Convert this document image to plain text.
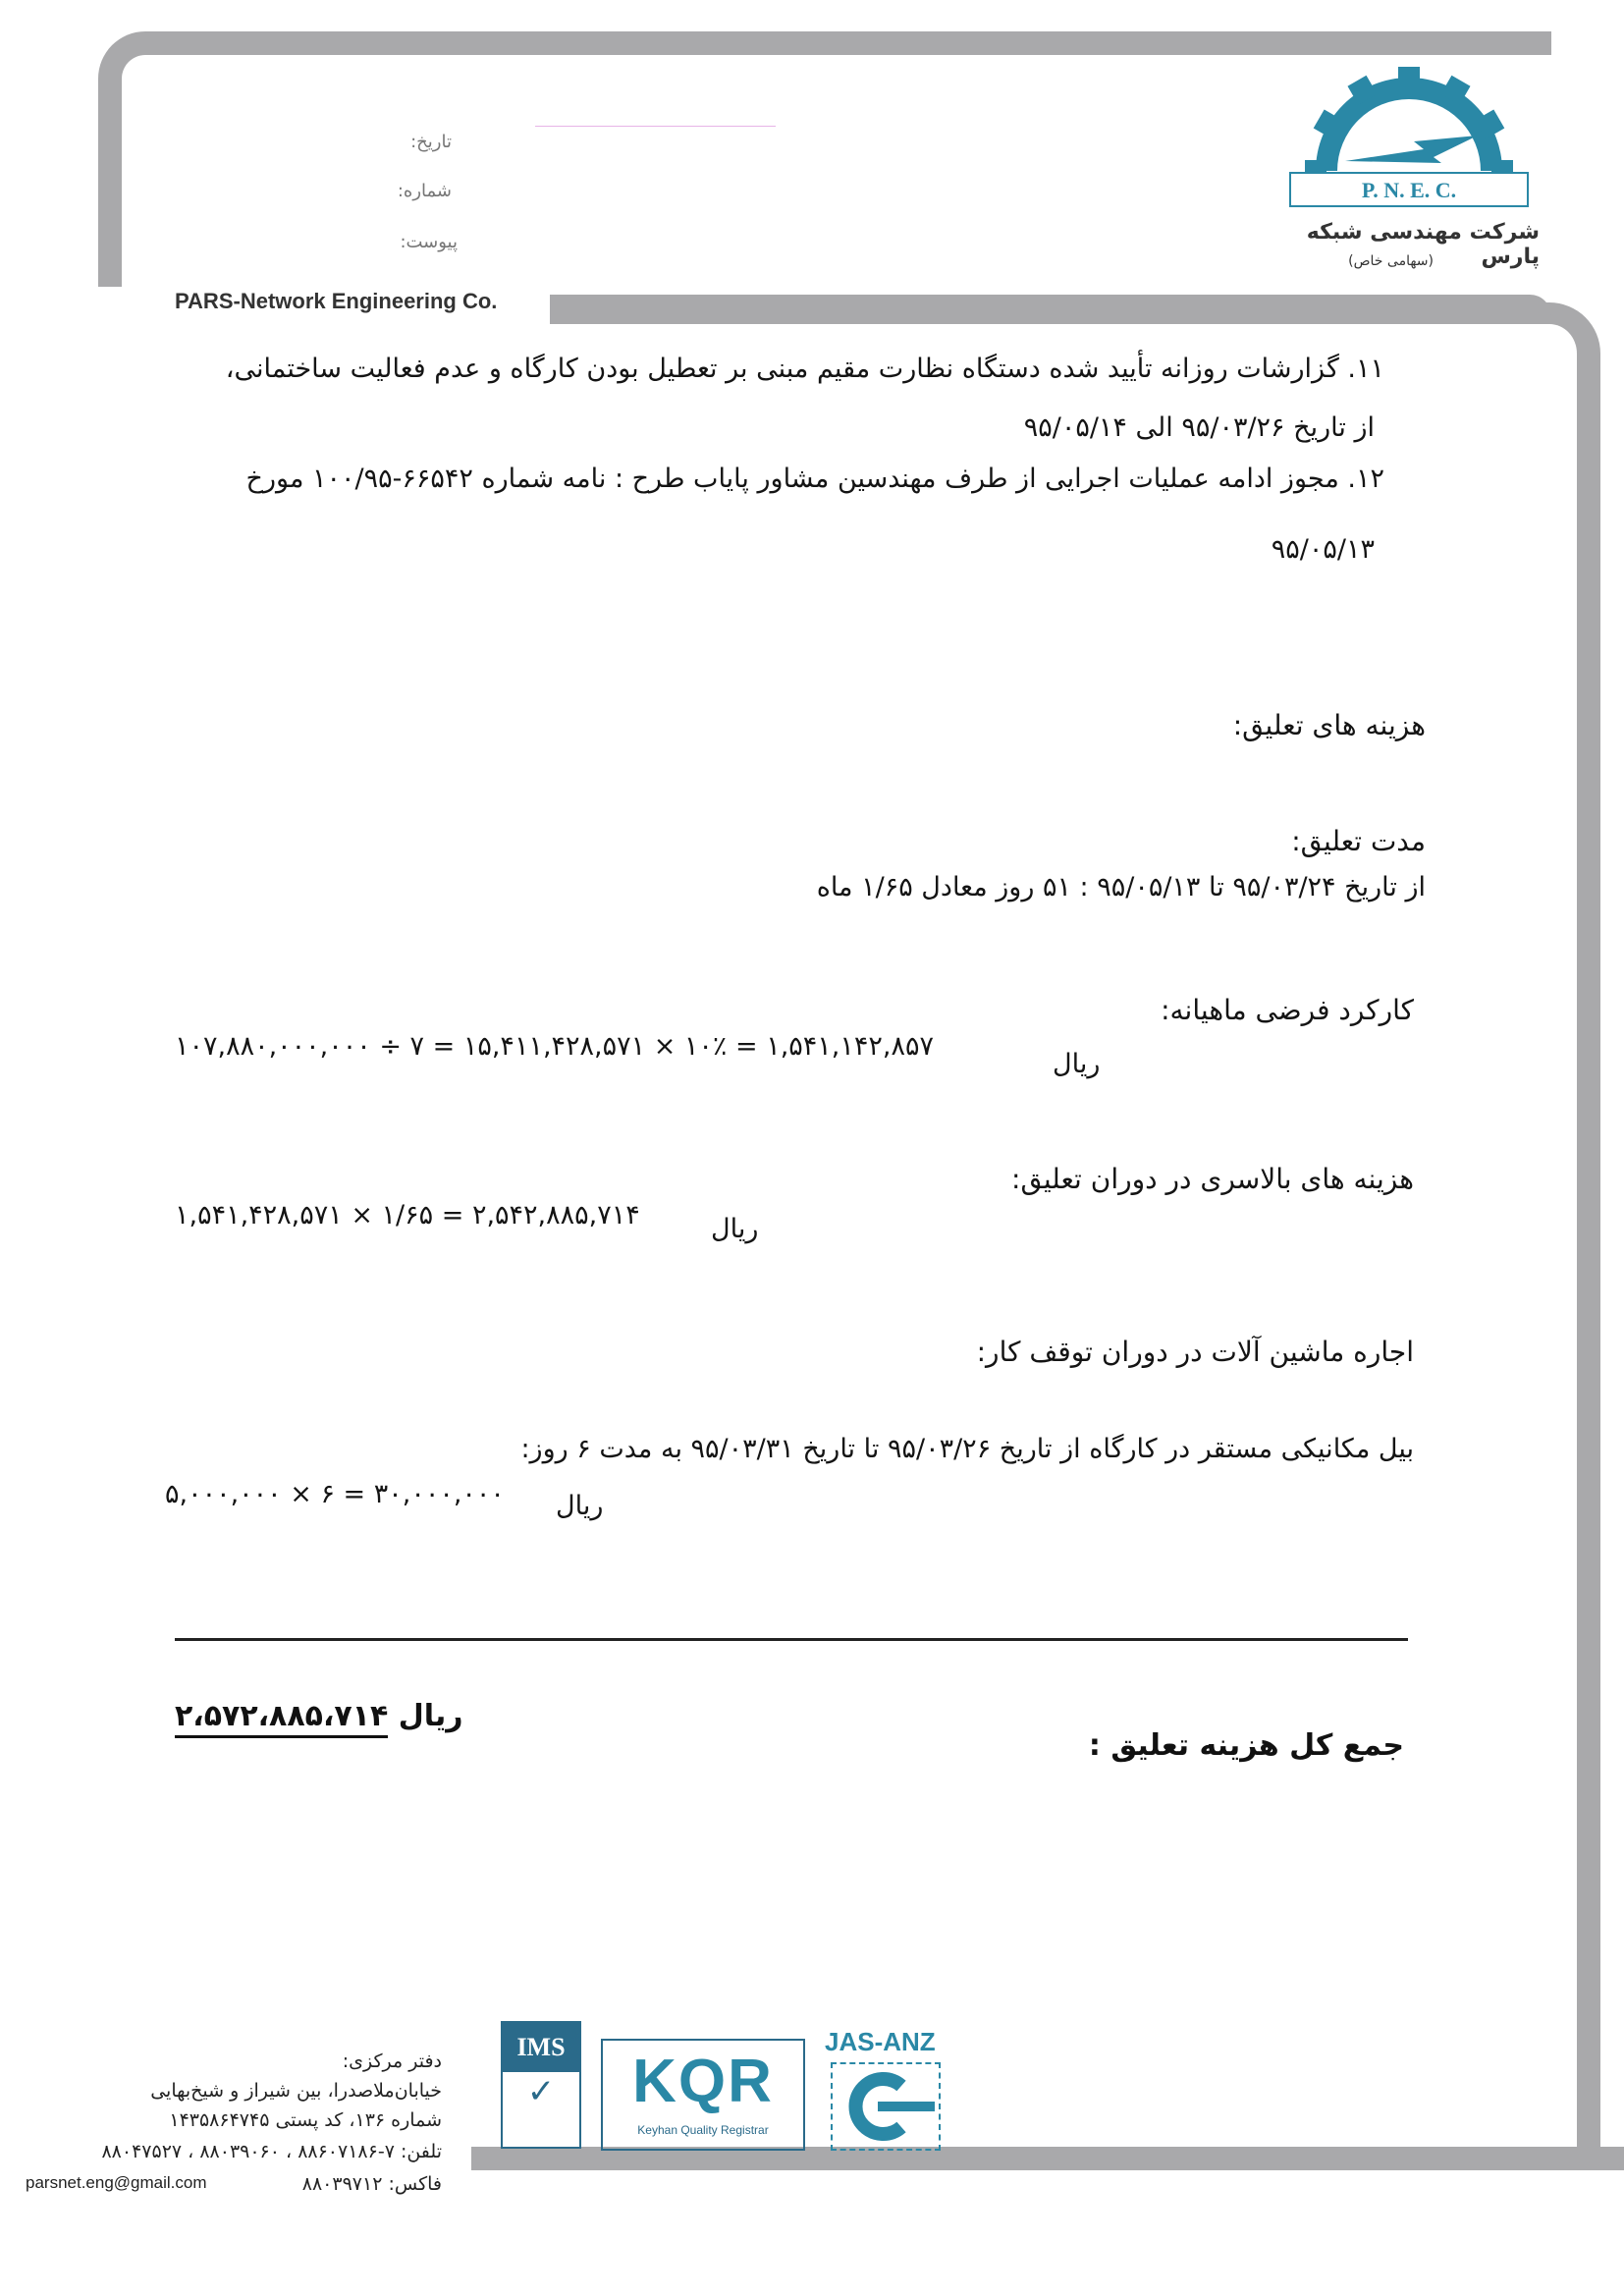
PARS-Network Engineering Co.
تاریخ:
شماره:
پیوست:
P. N. E. C.
شرکت مهندسی شبکه پارس
(سهامی خاص)
۱۱. گزارشات روزانه تأیید شده دستگاه نظارت مقیم مبنی بر تعطیل بودن کارگاه و عدم فعالیت ساختمانی،
از تاریخ ۹۵/۰۳/۲۶ الی ۹۵/۰۵/۱۴
۱۲. مجوز ادامه عملیات اجرایی از طرف مهندسین مشاور پایاب طرح : نامه شماره ۶۶۵۴۲-۱۰۰/۹۵ مورخ
۹۵/۰۵/۱۳
هزینه های تعلیق:
مدت تعلیق:
از تاریخ ۹۵/۰۳/۲۴ تا ۹۵/۰۵/۱۳ : ۵۱ روز معادل ۱/۶۵ ماه
کارکرد فرضی ماهیانه:
۱۰۷,۸۸۰,۰۰۰,۰۰۰ ÷ ۷ = ۱۵,۴۱۱,۴۲۸,۵۷۱ × ۱۰٪ = ۱,۵۴۱,۱۴۲,۸۵۷
ریال
هزینه های بالاسری در دوران تعلیق:
۱,۵۴۱,۴۲۸,۵۷۱ × ۱/۶۵ = ۲,۵۴۲,۸۸۵,۷۱۴	ریال
اجاره ماشین آلات در دوران توقف کار:
بیل مکانیکی مستقر در کارگاه از تاریخ ۹۵/۰۳/۲۶ تا تاریخ ۹۵/۰۳/۳۱ به مدت ۶ روز:
۵,۰۰۰,۰۰۰ × ۶ = ۳۰,۰۰۰,۰۰۰ ریال
جمع کل هزینه تعلیق :
ریال ۲،۵۷۲،۸۸۵،۷۱۴
دفتر مرکزی:
خیابان‌ملاصدرا، بین شیراز و شیخ‌بهایی
شماره ۱۳۶، کد پستی ۱۴۳۵۸۶۴۷۴۵
تلفن: ۷-۸۸۶۰۷۱۸۶ ، ۸۸۰۳۹۰۶۰ ، ۸۸۰۴۷۵۲۷
parsnet.eng@gmail.com	فاکس: ۸۸۰۳۹۷۱۲
IMS
✓	KQR
Keyhan Quality Registrar
JAS-ANZ
